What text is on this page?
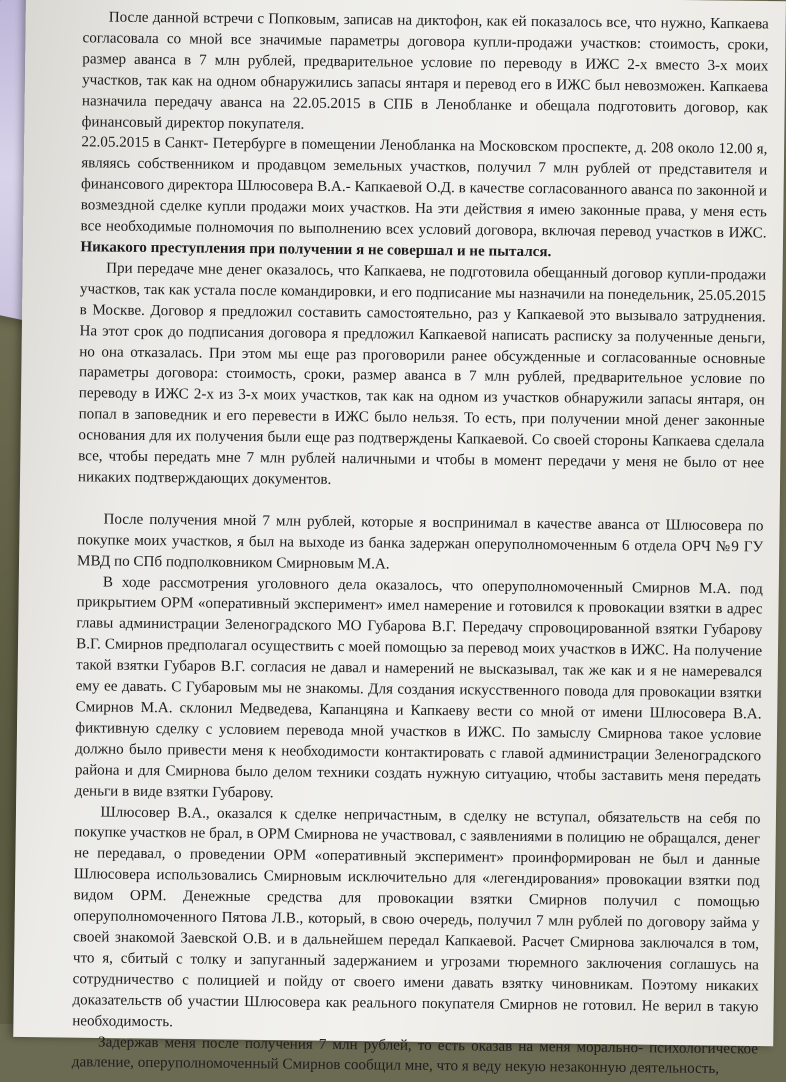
После данной встречи с Попковым, записав на диктофон, как ей показалось все, что нужно, Капкаева согласовала со мной все значимые параметры договора купли-продажи участков: стоимость, сроки, размер аванса в 7 млн рублей, предварительное условие по переводу в ИЖС 2-х вместо 3-х моих участков, так как на одном обнаружились запасы янтаря и перевод его в ИЖС был невозможен. Капкаева назначила передачу аванса на 22.05.2015 в СПБ в Ленобланке и обещала подготовить договор, как финансовый директор покупателя.

22.05.2015 в Санкт- Петербурге в помещении Ленобланка на Московском проспекте, д. 208 около 12.00 я, являясь собственником и продавцом земельных участков, получил 7 млн рублей от представителя и финансового директора Шлюсовера В.А.- Капкаевой О.Д. в качестве согласованного аванса по законной и возмездной сделке купли продажи моих участков. На эти действия я имею законные права, у меня есть все необходимые полномочия по выполнению всех условий договора, включая перевод участков в ИЖС. Никакого преступления при получении я не совершал и не пытался.

При передаче мне денег оказалось, что Капкаева, не подготовила обещанный договор купли-продажи участков, так как устала после командировки, и его подписание мы назначили на понедельник, 25.05.2015 в Москве. Договор я предложил составить самостоятельно, раз у Капкаевой это вызывало затруднения.  На этот срок до подписания договора я предложил Капкаевой написать расписку за полученные деньги, но она отказалась. При этом мы еще раз проговорили ранее обсужденные и согласованные основные параметры договора: стоимость, сроки, размер аванса в 7 млн рублей, предварительное условие по переводу в ИЖС 2-х из 3-х моих участков, так как на одном из участков обнаружили запасы янтаря, он попал в заповедник и его перевести в ИЖС было нельзя. То есть, при получении мной денег законные основания для их получения были еще раз подтверждены Капкаевой. Со своей стороны Капкаева сделала все, чтобы передать мне 7 млн рублей наличными и чтобы в момент передачи у меня не было от нее никаких подтверждающих документов.

После получения мной 7 млн рублей, которые я воспринимал в качестве аванса от Шлюсовера по покупке моих участков, я был на выходе из банка задержан оперуполномоченным 6 отдела ОРЧ №9 ГУ МВД по СПб подполковником Смирновым М.А.

В ходе рассмотрения уголовного дела оказалось, что оперуполномоченный Смирнов М.А. под прикрытием ОРМ «оперативный эксперимент» имел намерение и готовился к провокации взятки в адрес главы администрации Зеленоградского МО Губарова В.Г. Передачу спровоцированной взятки Губарову В.Г. Смирнов предполагал осуществить с моей помощью за перевод моих участков в ИЖС. На получение такой взятки Губаров В.Г. согласия не давал и намерений не высказывал, так же как и я не намеревался ему ее давать. С Губаровым мы не знакомы. Для создания искусственного повода для провокации взятки Смирнов М.А. склонил Медведева, Капанцяна и Капкаеву вести со мной от имени Шлюсовера В.А. фиктивную сделку с условием перевода мной участков в ИЖС. По замыслу Смирнова такое условие должно было привести меня к необходимости контактировать с главой администрации Зеленоградского района и для Смирнова было делом техники создать нужную ситуацию, чтобы заставить меня передать деньги в виде взятки Губарову.

Шлюсовер В.А., оказался к сделке непричастным, в сделку не вступал, обязательств на себя по покупке участков не брал, в ОРМ Смирнова не участвовал, с заявлениями в полицию не обращался, денег не передавал, о проведении ОРМ «оперативный эксперимент» проинформирован не был и данные Шлюсовера использовались Смирновым исключительно для «легендирования» провокации взятки под видом ОРМ. Денежные средства для провокации взятки Смирнов получил с помощью оперуполномоченного Пятова Л.В., который, в свою очередь, получил 7 млн рублей по договору займа у своей знакомой Заевской О.В. и в дальнейшем передал Капкаевой. Расчет Смирнова заключался в том, что я, сбитый с толку и запуганный задержанием и угрозами тюремного заключения соглашусь на сотрудничество с полицией и пойду от своего имени давать взятку чиновникам. Поэтому никаких доказательств об участии Шлюсовера как реального покупателя Смирнов не готовил. Не верил в такую необходимость.

Задержав меня после получения 7 млн рублей, то есть оказав на меня морально- психологическое давление, оперуполномоченный Смирнов сообщил мне, что я веду некую незаконную деятельность,
